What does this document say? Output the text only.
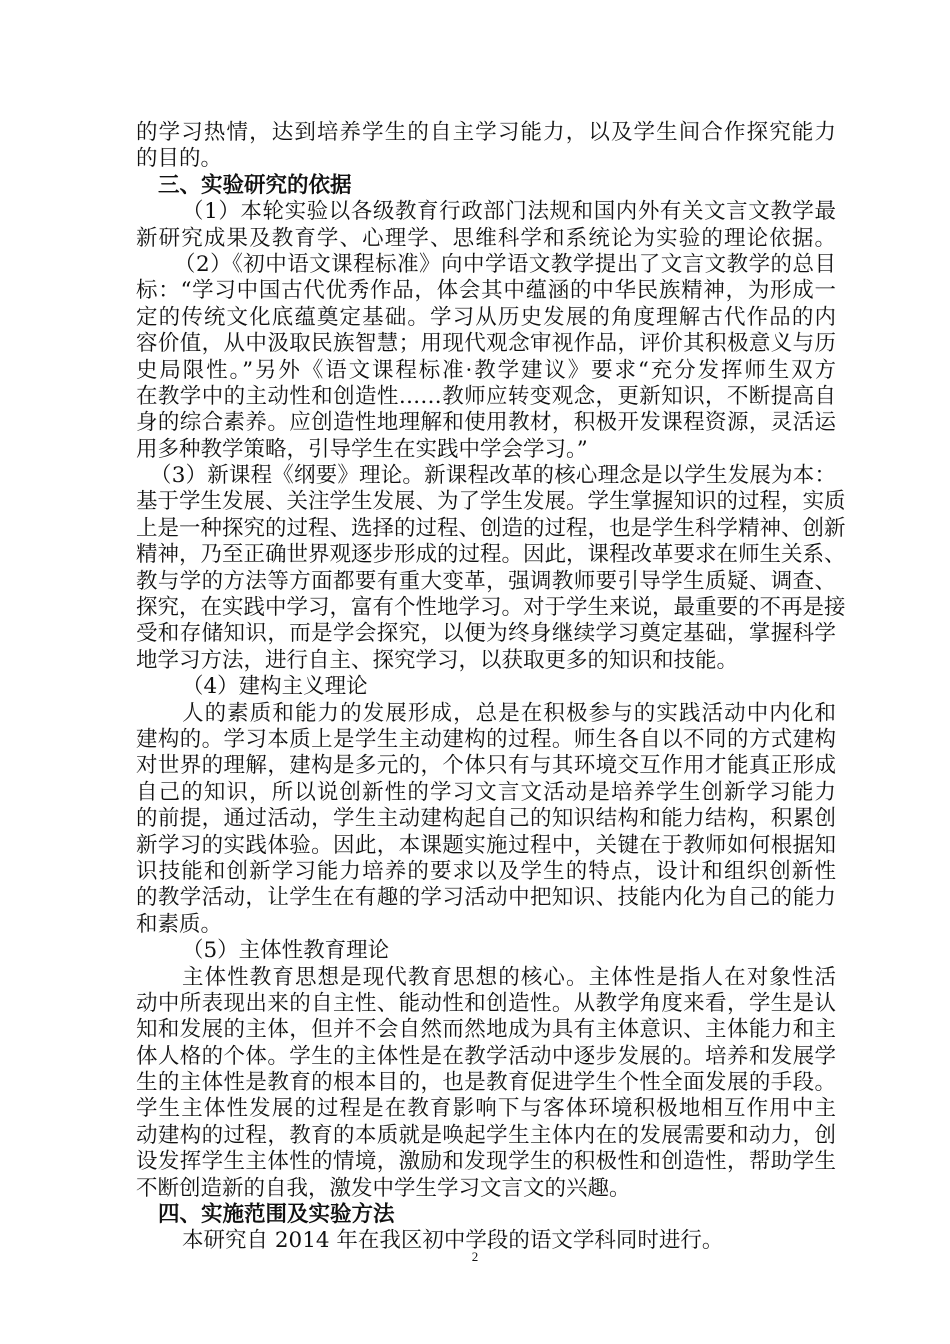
的学习热情，达到培养学生的自主学习能力，以及学生间合作探究能力
的目的。
三、实验研究的依据
（1）本轮实验以各级教育行政部门法规和国内外有关文言文教学最
新研究成果及教育学、心理学、思维科学和系统论为实验的理论依据。
（2）《初中语文课程标准》向中学语文教学提出了文言文教学的总目
标：“学习中国古代优秀作品，体会其中蕴涵的中华民族精神，为形成一
定的传统文化底蕴奠定基础。学习从历史发展的角度理解古代作品的内
容价值，从中汲取民族智慧；用现代观念审视作品，评价其积极意义与历
史局限性。”另外《语文课程标准·教学建议》要求“充分发挥师生双方
在教学中的主动性和创造性……教师应转变观念，更新知识，不断提高自
身的综合素养。应创造性地理解和使用教材，积极开发课程资源，灵活运
用多种教学策略，引导学生在实践中学会学习。”
（3）新课程《纲要》理论。新课程改革的核心理念是以学生发展为本：
基于学生发展、关注学生发展、为了学生发展。学生掌握知识的过程，实质
上是一种探究的过程、选择的过程、创造的过程，也是学生科学精神、创新
精神，乃至正确世界观逐步形成的过程。因此，课程改革要求在师生关系、
教与学的方法等方面都要有重大变革，强调教师要引导学生质疑、调查、
探究，在实践中学习，富有个性地学习。对于学生来说，最重要的不再是接
受和存储知识，而是学会探究，以便为终身继续学习奠定基础，掌握科学
地学习方法，进行自主、探究学习，以获取更多的知识和技能。
（4）建构主义理论
人的素质和能力的发展形成，总是在积极参与的实践活动中内化和
建构的。学习本质上是学生主动建构的过程。师生各自以不同的方式建构
对世界的理解，建构是多元的，个体只有与其环境交互作用才能真正形成
自己的知识，所以说创新性的学习文言文活动是培养学生创新学习能力
的前提，通过活动，学生主动建构起自己的知识结构和能力结构，积累创
新学习的实践体验。因此，本课题实施过程中，关键在于教师如何根据知
识技能和创新学习能力培养的要求以及学生的特点，设计和组织创新性
的教学活动，让学生在有趣的学习活动中把知识、技能内化为自己的能力
和素质。
（5）主体性教育理论
主体性教育思想是现代教育思想的核心。主体性是指人在对象性活
动中所表现出来的自主性、能动性和创造性。从教学角度来看，学生是认
知和发展的主体，但并不会自然而然地成为具有主体意识、主体能力和主
体人格的个体。学生的主体性是在教学活动中逐步发展的。培养和发展学
生的主体性是教育的根本目的，也是教育促进学生个性全面发展的手段。
学生主体性发展的过程是在教育影响下与客体环境积极地相互作用中主
动建构的过程，教育的本质就是唤起学生主体内在的发展需要和动力，创
设发挥学生主体性的情境，激励和发现学生的积极性和创造性，帮助学生
不断创造新的自我，激发中学生学习文言文的兴趣。
四、实施范围及实验方法
本研究自 2014 年在我区初中学段的语文学科同时进行。
2
